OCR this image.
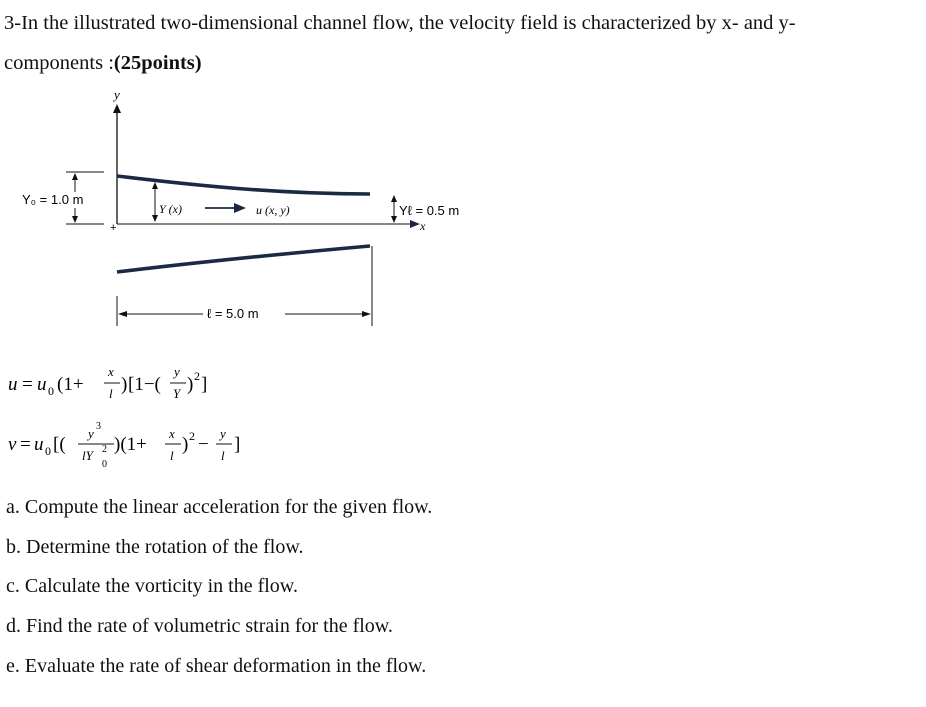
3-In the illustrated two-dimensional channel flow, the velocity field is characterized by x- and y-
components :(25points)
y
x
Y₀ = 1.0 m
+
Y (x)	u (x, y)	Yℓ = 0.5 m
ℓ = 5.0 m
u = u 0 (1+
x
l ) [1−(
y
Y ) 2 ]
v = u 0 [(
y 3
lY 2
0
)(1+
x
l
) 2 −
y
l
]
a. Compute the linear acceleration for the given flow.
b. Determine the rotation of the flow.
c. Calculate the vorticity in the flow.
d. Find the rate of volumetric strain for the flow.
e. Evaluate the rate of shear deformation in the flow.
